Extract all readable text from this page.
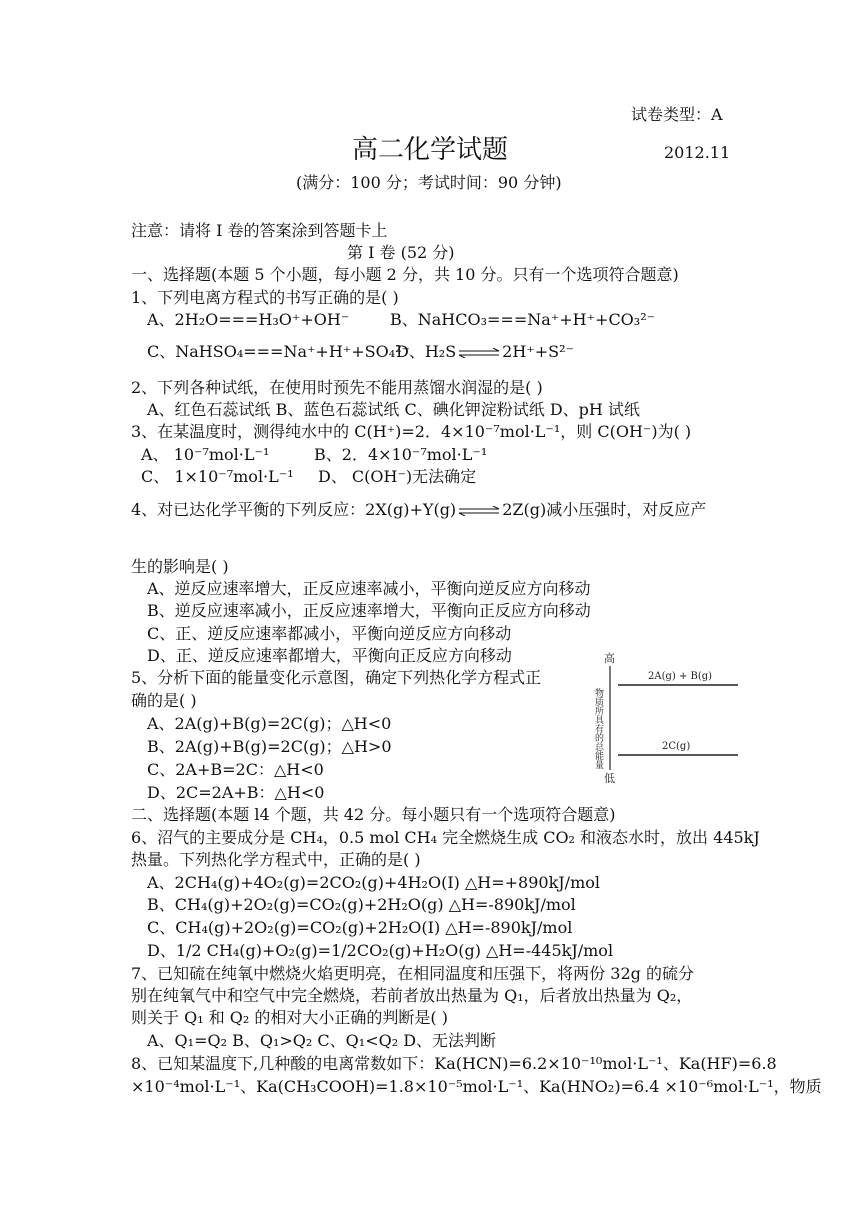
试卷类型：A
高二化学试题	2012.11
(满分：100 分；考试时间：90 分钟)
注意：请将 I 卷的答案涂到答题卡上
第 I 卷 (52 分)
一、选择题(本题 5 个小题，每小题 2 分，共 10 分。只有一个选项符合题意)
1、下列电离方程式的书写正确的是( )
A、2H₂O===H₃O⁺+OH⁻	B、NaHCO₃===Na⁺+H⁺+CO₃²⁻
C、NaHSO₄===Na⁺+H⁺+SO₄²⁻
D、H₂S ⇌ 2H⁺+S²⁻
2、下列各种试纸，在使用时预先不能用蒸馏水润湿的是( )
A、红色石蕊试纸 B、蓝色石蕊试纸 C、碘化钾淀粉试纸 D、pH 试纸
3、在某温度时，测得纯水中的 C(H⁺)=2．4×10⁻⁷mol·L⁻¹，则 C(OH⁻)为( )
A、 10⁻⁷mol·L⁻¹	B、2．4×10⁻⁷mol·L⁻¹
C、 1×10⁻⁷mol·L⁻¹ D、 C(OH⁻)无法确定
4、对已达化学平衡的下列反应：2X(g)+Y(g) ⇌ 2Z(g)减小压强时，对反应产
生的影响是( )
A、逆反应速率增大，正反应速率减小，平衡向逆反应方向移动
B、逆反应速率减小，正反应速率增大，平衡向正反应方向移动
C、正、逆反应速率都减小，平衡向逆反应方向移动
D、正、逆反应速率都增大，平衡向正反应方向移动
5、分析下面的能量变化示意图，确定下列热化学方程式正
确的是( )
A、2A(g)+B(g)=2C(g)；△H<0
B、2A(g)+B(g)=2C(g)；△H>0
C、2A+B=2C：△H<0
D、2C=2A+B：△H<0
高
物质所具有的总能量
低
2A(g) + B(g)
2C(g)
二、选择题(本题 l4 个题，共 42 分。每小题只有一个选项符合题意)
6、沼气的主要成分是 CH₄，0.5 mol CH₄ 完全燃烧生成 CO₂ 和液态水时，放出 445kJ
热量。下列热化学方程式中，正确的是( )
A、2CH₄(g)+4O₂(g)=2CO₂(g)+4H₂O(I) △H=+890kJ/mol
B、CH₄(g)+2O₂(g)=CO₂(g)+2H₂O(g) △H=-890kJ/mol
C、CH₄(g)+2O₂(g)=CO₂(g)+2H₂O(I) △H=-890kJ/mol
D、1/2 CH₄(g)+O₂(g)=1/2CO₂(g)+H₂O(g) △H=-445kJ/mol
7、已知硫在纯氧中燃烧火焰更明亮，在相同温度和压强下，将两份 32g 的硫分
别在纯氧气中和空气中完全燃烧，若前者放出热量为 Q₁，后者放出热量为 Q₂，
则关于 Q₁ 和 Q₂ 的相对大小正确的判断是( )
A、Q₁=Q₂ B、Q₁>Q₂ C、Q₁<Q₂ D、无法判断
8、已知某温度下,几种酸的电离常数如下：Ka(HCN)=6.2×10⁻¹⁰mol·L⁻¹、Ka(HF)=6.8
×10⁻⁴mol·L⁻¹、Ka(CH₃COOH)=1.8×10⁻⁵mol·L⁻¹、Ka(HNO₂)=6.4 ×10⁻⁶mol·L⁻¹，物质
